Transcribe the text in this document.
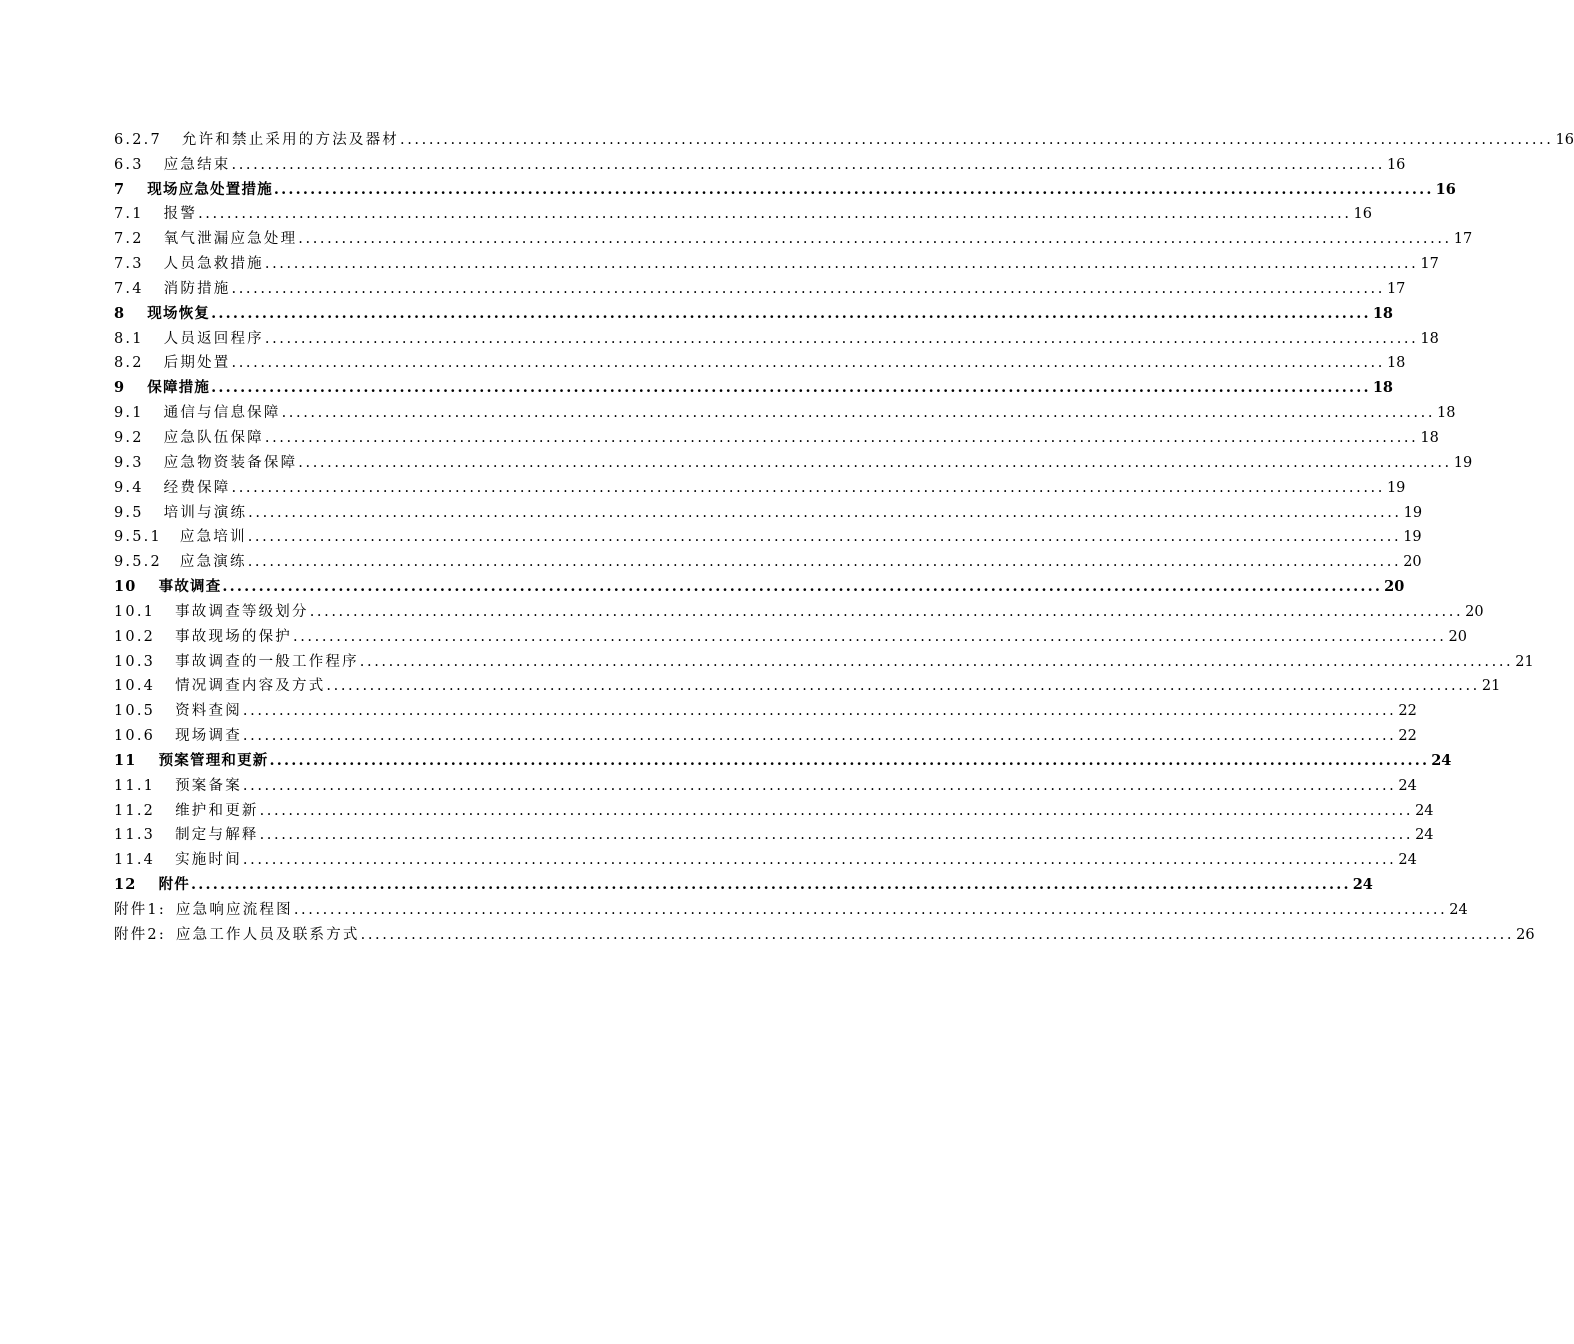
6.2.7 允许和禁止采用的方法及器材 ................................................................................................................................................................ 16
6.3 应急结束 ................................................................................................................................................................ 16
7 现场应急处置措施 ................................................................................................................................................................ 16
7.1 报警 ................................................................................................................................................................ 16
7.2 氧气泄漏应急处理 ................................................................................................................................................................ 17
7.3 人员急救措施 ................................................................................................................................................................ 17
7.4 消防措施 ................................................................................................................................................................ 17
8 现场恢复 ................................................................................................................................................................ 18
8.1 人员返回程序 ................................................................................................................................................................ 18
8.2 后期处置 ................................................................................................................................................................ 18
9 保障措施 ................................................................................................................................................................ 18
9.1 通信与信息保障 ................................................................................................................................................................ 18
9.2 应急队伍保障 ................................................................................................................................................................ 18
9.3 应急物资装备保障 ................................................................................................................................................................ 19
9.4 经费保障 ................................................................................................................................................................ 19
9.5 培训与演练 ................................................................................................................................................................ 19
9.5.1 应急培训 ................................................................................................................................................................ 19
9.5.2 应急演练 ................................................................................................................................................................ 20
10 事故调查 ................................................................................................................................................................ 20
10.1 事故调查等级划分 ................................................................................................................................................................ 20
10.2 事故现场的保护 ................................................................................................................................................................ 20
10.3 事故调查的一般工作程序 ................................................................................................................................................................ 21
10.4 情况调查内容及方式 ................................................................................................................................................................ 21
10.5 资料查阅 ................................................................................................................................................................ 22
10.6 现场调查 ................................................................................................................................................................ 22
11 预案管理和更新 ................................................................................................................................................................ 24
11.1 预案备案 ................................................................................................................................................................ 24
11.2 维护和更新 ................................................................................................................................................................ 24
11.3 制定与解释 ................................................................................................................................................................ 24
11.4 实施时间 ................................................................................................................................................................ 24
12 附件 ................................................................................................................................................................ 24
附件1: 应急响应流程图 ................................................................................................................................................................ 24
附件2: 应急工作人员及联系方式 ................................................................................................................................................................ 26
